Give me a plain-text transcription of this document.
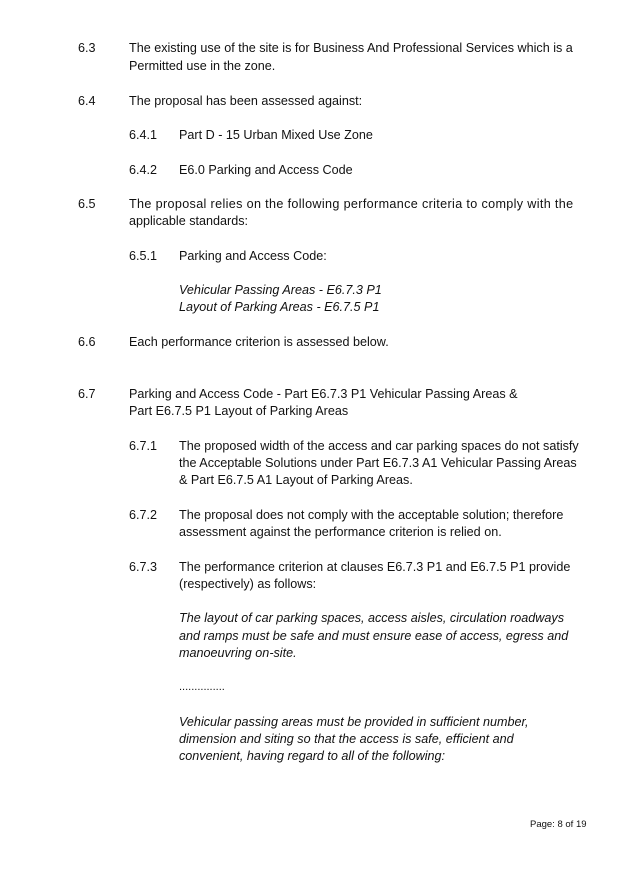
6.3	The existing use of the site is for Business And Professional Services which is a
Permitted use in the zone.
6.4	The proposal has been assessed against:
6.4.1 Part D - 15 Urban Mixed Use Zone
6.4.2 E6.0 Parking and Access Code
6.5	The proposal relies on the following performance criteria to comply with the
applicable standards:
6.5.1 Parking and Access Code:
Vehicular Passing Areas - E6.7.3 P1
Layout of Parking Areas - E6.7.5 P1
6.6	Each performance criterion is assessed below.
6.7	Parking and Access Code - Part E6.7.3 P1 Vehicular Passing Areas &
Part E6.7.5 P1 Layout of Parking Areas
6.7.1 The proposed width of the access and car parking spaces do not satisfy
the Acceptable Solutions under Part E6.7.3 A1 Vehicular Passing Areas
& Part E6.7.5 A1 Layout of Parking Areas.
6.7.2 The proposal does not comply with the acceptable solution; therefore
assessment against the performance criterion is relied on.
6.7.3 The performance criterion at clauses E6.7.3 P1 and E6.7.5 P1 provide
(respectively) as follows:
The layout of car parking spaces, access aisles, circulation roadways
and ramps must be safe and must ensure ease of access, egress and
manoeuvring on-site.
...............
Vehicular passing areas must be provided in sufficient number,
dimension and siting so that the access is safe, efficient and
convenient, having regard to all of the following:
Page: 8 of 19
